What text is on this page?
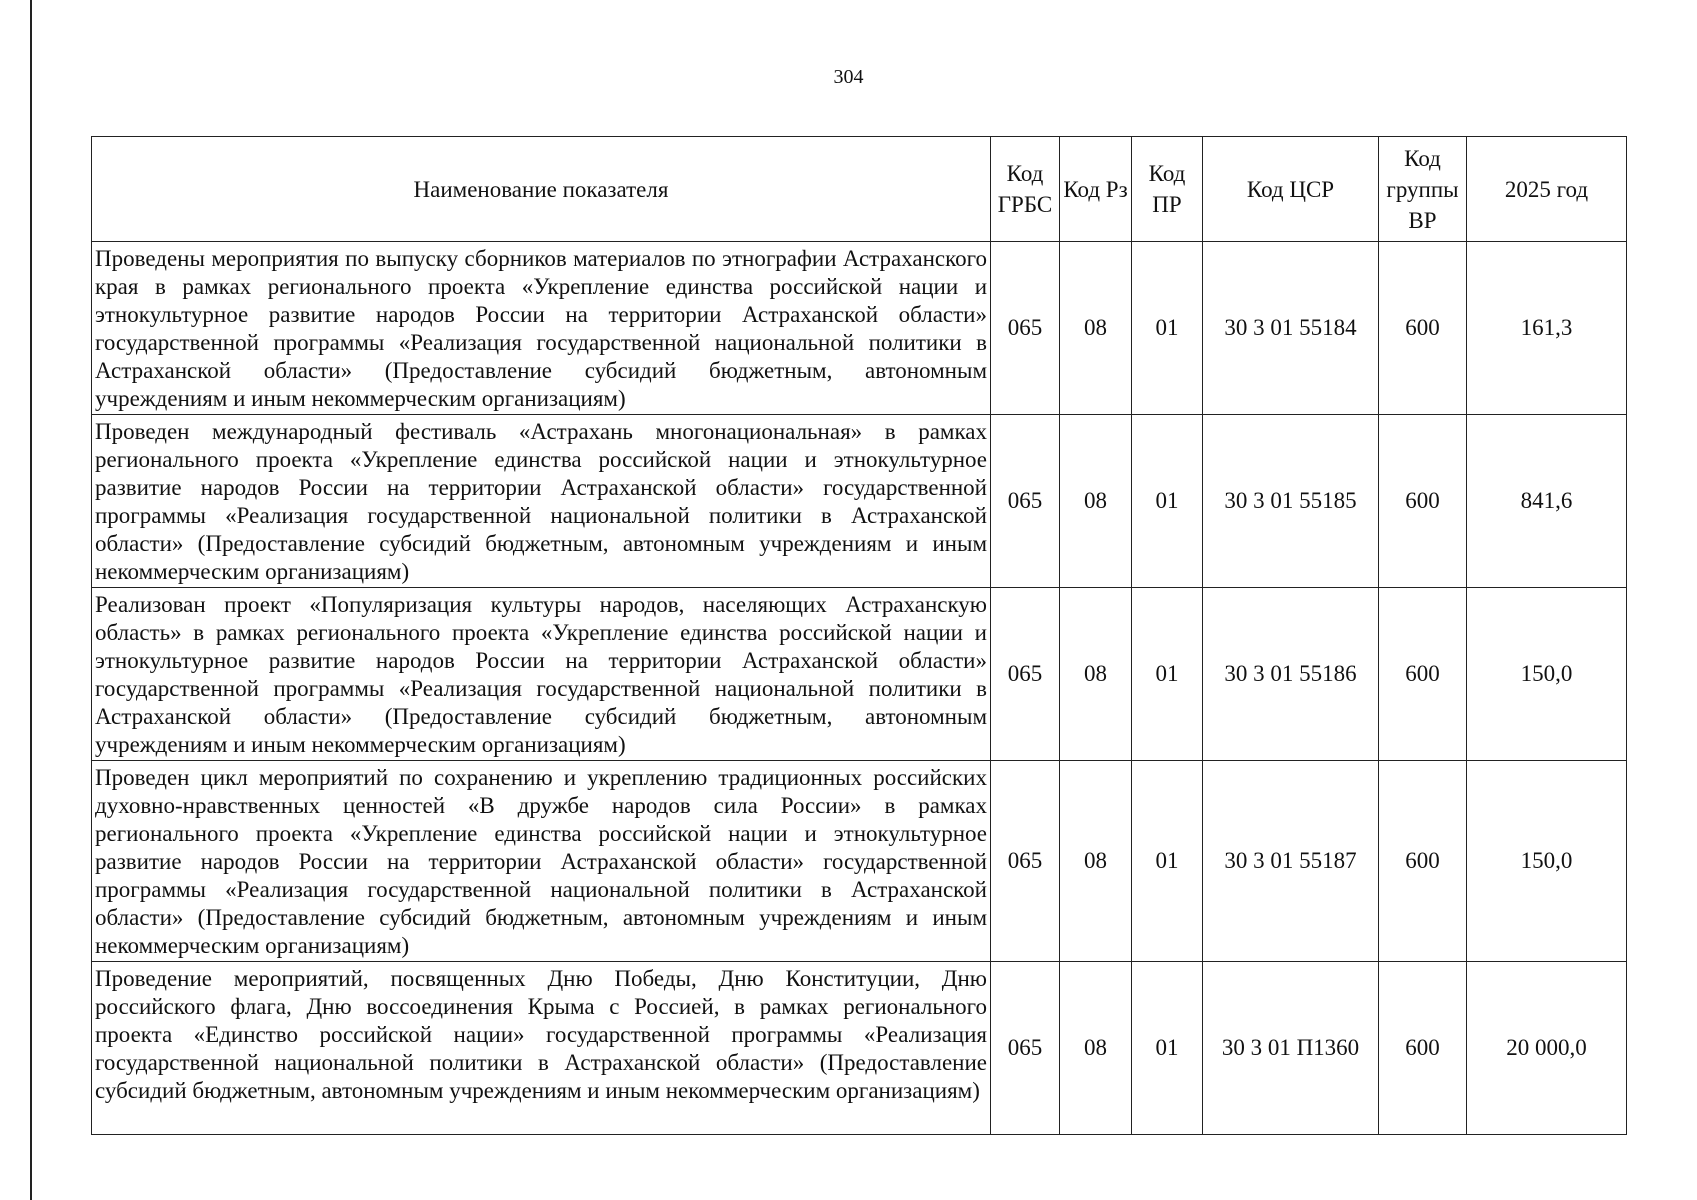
304
Наименование показателя	Код ГРБС	Код Рз	Код ПР	Код ЦСР	Код группы ВР	2025 год
Проведены мероприятия по выпуску сборников материалов по этнографии Астраханского края в рамках регионального проекта «Укрепление единства российской нации и этнокультурное развитие народов России на территории Астраханской области» государственной программы «Реализация государственной национальной политики в Астраханской области» (Предоставление субсидий бюджетным, автономным учреждениям и иным некоммерческим организациям)	065	08	01	30 3 01 55184	600	161,3
Проведен международный фестиваль «Астрахань многонациональная» в рамках регионального проекта «Укрепление единства российской нации и этнокультурное развитие народов России на территории Астраханской области» государственной программы «Реализация государственной национальной политики в Астраханской области» (Предоставление субсидий бюджетным, автономным учреждениям и иным некоммерческим организациям)	065	08	01	30 3 01 55185	600	841,6
Реализован проект «Популяризация культуры народов, населяющих Астраханскую область» в рамках регионального проекта «Укрепление единства российской нации и этнокультурное развитие народов России на территории Астраханской области» государственной программы «Реализация государственной национальной политики в Астраханской области» (Предоставление субсидий бюджетным, автономным учреждениям и иным некоммерческим организациям)	065	08	01	30 3 01 55186	600	150,0
Проведен цикл мероприятий по сохранению и укреплению традиционных российских духовно-нравственных ценностей «В дружбе народов сила России» в рамках регионального проекта «Укрепление единства российской нации и этнокультурное развитие народов России на территории Астраханской области» государственной программы «Реализация государственной национальной политики в Астраханской области» (Предоставление субсидий бюджетным, автономным учреждениям и иным некоммерческим организациям)	065	08	01	30 3 01 55187	600	150,0
Проведение мероприятий, посвященных Дню Победы, Дню Конституции, Дню российского флага, Дню воссоединения Крыма с Россией, в рамках регионального проекта «Единство российской нации» государственной программы «Реализация государственной национальной политики в Астраханской области» (Предоставление субсидий бюджетным, автономным учреждениям и иным некоммерческим организациям)	065	08	01	30 3 01 П1360	600	20 000,0
